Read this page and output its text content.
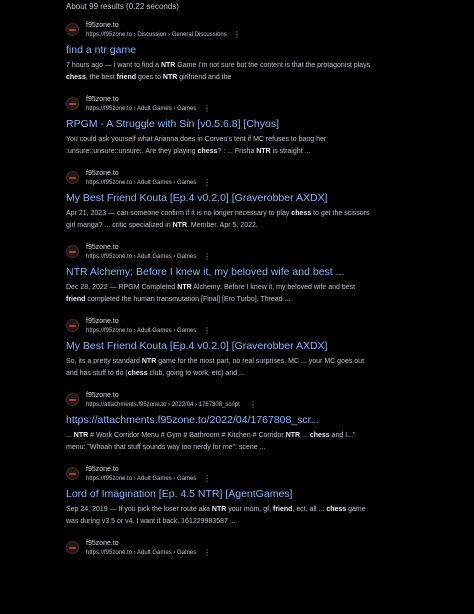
About 99 results (0.22 seconds)
f95zone.to
https://f95zone.to › Discussion › General Discussions ⋮
find a ntr game
7 hours ago — i want to find a NTR Game I'm not sure but the content is that the protagonist plays chess, the best friend goes to NTR girlfriend and the
f95zone.to
https://f95zone.to › Adult Games › Games ⋮
RPGM - A Struggle with Sin [v0.5.6.8] [Chyos]
You could ask yourself what Arianna does in Corven's tent if MC refuses to bang her :unsure::unsure::unsure:. Are they playing chess? : ... Frisha NTR is straight ...
f95zone.to
https://f95zone.to › Adult Games › Games ⋮
My Best Friend Kouta [Ep.4 v0.2.0] [Graverobber AXDX]
Apr 21, 2023 — can someone confirm if it is no longer necessary to play chess to get the scissors girl manga? ... critic specialized in NTR. Member. Apr 5, 2022.
f95zone.to
https://f95zone.to › Adult Games › Games ⋮
NTR Alchemy: Before I knew it, my beloved wife and best ...
Dec 28, 2022 — RPGM Completed NTR Alchemy: Before I knew it, my beloved wife and best friend completed the human transmutation [Final] [Ero Turbo]. Thread ...
f95zone.to
https://f95zone.to › Adult Games › Games ⋮
My Best Friend Kouta [Ep.4 v0.2.0] [Graverobber AXDX]
So, its a pretty standard NTR game for the most part, no real surprises. MC ... your MC goes out and has stuff to do (chess club, going to work, etc) and ...
f95zone.to
https://attachments.f95zone.to › 2022/04 › 1767808_script ⋮
https://attachments.f95zone.to/2022/04/1767808_scr...
... NTR # Work Corridor Menu # Gym # Bathroom # Kitchen # Corridor NTR ... chess and I..." menu: "Whoah that stuff sounds way too nerdy for me": scene ...
f95zone.to
https://f95zone.to › Adult Games › Games ⋮
Lord of Imagination [Ep. 4.5 NTR] [AgentGames]
Sep 24, 2019 — If you pick the loser route aka NTR your mom, gf, friend, ect. all ... chess game was during v3.5 or v4. I want it back. 161229983587 ...
f95zone.to
https://f95zone.to › Adult Games › Games ⋮
